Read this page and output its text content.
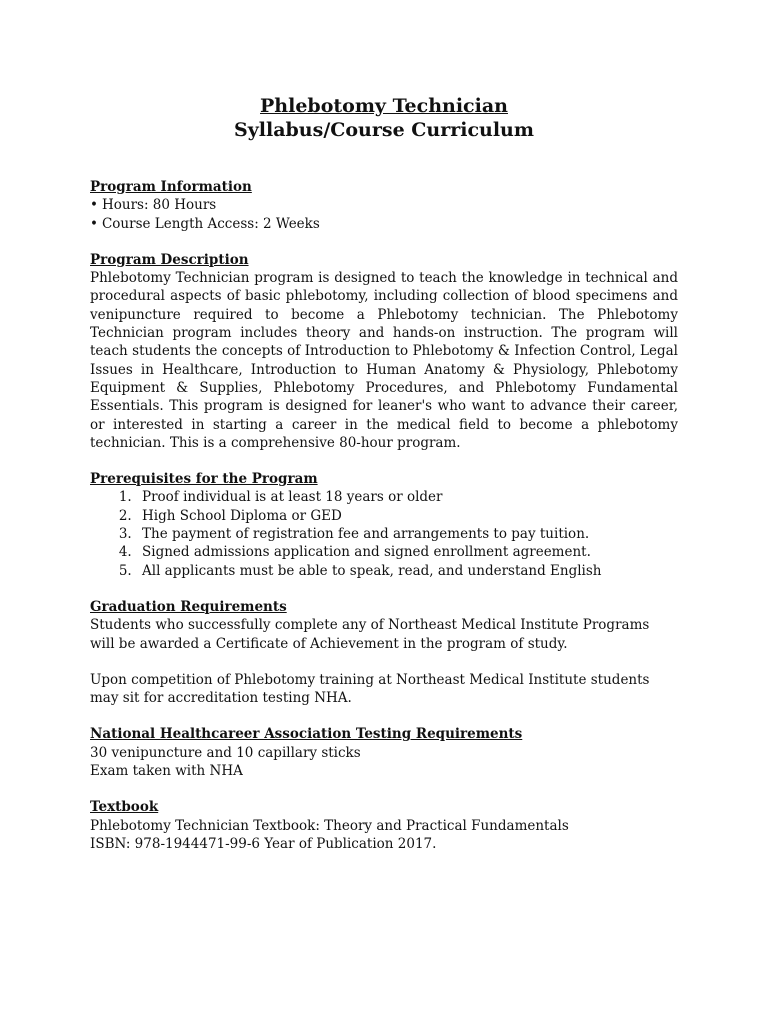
Phlebotomy Technician
Syllabus/Course Curriculum
Program Information
• Hours: 80 Hours
• Course Length Access: 2 Weeks
Program Description
Phlebotomy Technician program is designed to teach the knowledge in technical and procedural aspects of basic phlebotomy, including collection of blood specimens and venipuncture required to become a Phlebotomy technician. The Phlebotomy Technician program includes theory and hands-on instruction. The program will teach students the concepts of Introduction to Phlebotomy & Infection Control, Legal Issues in Healthcare, Introduction to Human Anatomy & Physiology, Phlebotomy Equipment & Supplies, Phlebotomy Procedures, and Phlebotomy Fundamental Essentials. This program is designed for leaner's who want to advance their career, or interested in starting a career in the medical field to become a phlebotomy technician. This is a comprehensive 80-hour program.
Prerequisites for the Program
1. Proof individual is at least 18 years or older
2. High School Diploma or GED
3. The payment of registration fee and arrangements to pay tuition.
4. Signed admissions application and signed enrollment agreement.
5. All applicants must be able to speak, read, and understand English
Graduation Requirements
Students who successfully complete any of Northeast Medical Institute Programs will be awarded a Certificate of Achievement in the program of study.
Upon competition of Phlebotomy training at Northeast Medical Institute students may sit for accreditation testing NHA.
National Healthcareer Association Testing Requirements
30 venipuncture and 10 capillary sticks
Exam taken with NHA
Textbook
Phlebotomy Technician Textbook: Theory and Practical Fundamentals
ISBN: 978-1944471-99-6 Year of Publication 2017.
